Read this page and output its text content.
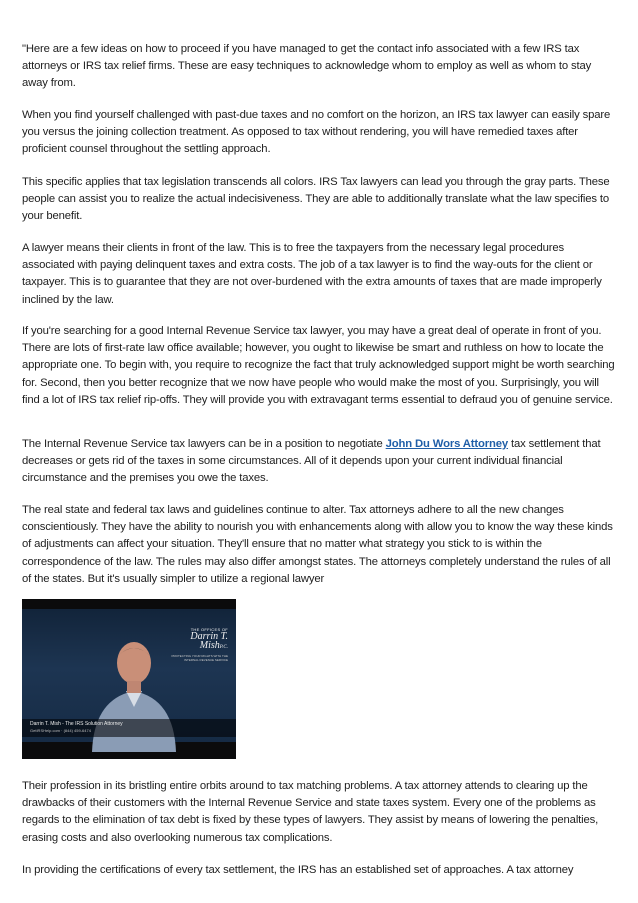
"Here are a few ideas on how to proceed if you have managed to get the contact info associated with a few IRS tax attorneys or IRS tax relief firms. These are easy techniques to acknowledge whom to employ as well as whom to stay away from.

When you find yourself challenged with past-due taxes and no comfort on the horizon, an IRS tax lawyer can easily spare you versus the joining collection treatment. As opposed to tax without rendering, you will have remedied taxes after proficient counsel throughout the settling approach.

This specific applies that tax legislation transcends all colors. IRS Tax lawyers can lead you through the gray parts. These people can assist you to realize the actual indecisiveness. They are able to additionally translate what the law specifies to your benefit.

A lawyer means their clients in front of the law. This is to free the taxpayers from the necessary legal procedures associated with paying delinquent taxes and extra costs. The job of a tax lawyer is to find the way-outs for the client or taxpayer. This is to guarantee that they are not over-burdened with the extra amounts of taxes that are made improperly inclined by the law.

If you're searching for a good Internal Revenue Service tax lawyer, you may have a great deal of operate in front of you. There are lots of first-rate law office available; however, you ought to likewise be smart and ruthless on how to locate the appropriate one. To begin with, you require to recognize the fact that truly acknowledged support might be worth searching for. Second, then you better recognize that we now have people who would make the most of you. Surprisingly, you will find a lot of IRS tax relief rip-offs. They will provide you with extravagant terms essential to defraud you of genuine service.

The Internal Revenue Service tax lawyers can be in a position to negotiate John Du Wors Attorney tax settlement that decreases or gets rid of the taxes in some circumstances. All of it depends upon your current individual financial circumstance and the premises you owe the taxes.

The real state and federal tax laws and guidelines continue to alter. Tax attorneys adhere to all the new changes conscientiously. They have the ability to nourish you with enhancements along with allow you to know the way these kinds of adjustments can affect your situation. They'll ensure that no matter what strategy you stick to is within the correspondence of the law. The rules may also differ amongst states. The attorneys completely understand the rules of all of the states. But it's usually simpler to utilize a regional lawyer

THE OFFICES OF
Darrin T.
MishP.C.
PROTECTING YOUR RIGHTS WITH THE INTERNAL REVENUE SERVICE
Darrin T. Mish - The IRS Solution Attorney
GetIRSHelp.com · (844) 459-6474

Their profession in its bristling entire orbits around to tax matching problems. A tax attorney attends to clearing up the drawbacks of their customers with the Internal Revenue Service and state taxes system. Every one of the problems as regards to the elimination of tax debt is fixed by these types of lawyers. They assist by means of lowering the penalties, erasing costs and also overlooking numerous tax complications.

In providing the certifications of every tax settlement, the IRS has an established set of approaches. A tax attorney
